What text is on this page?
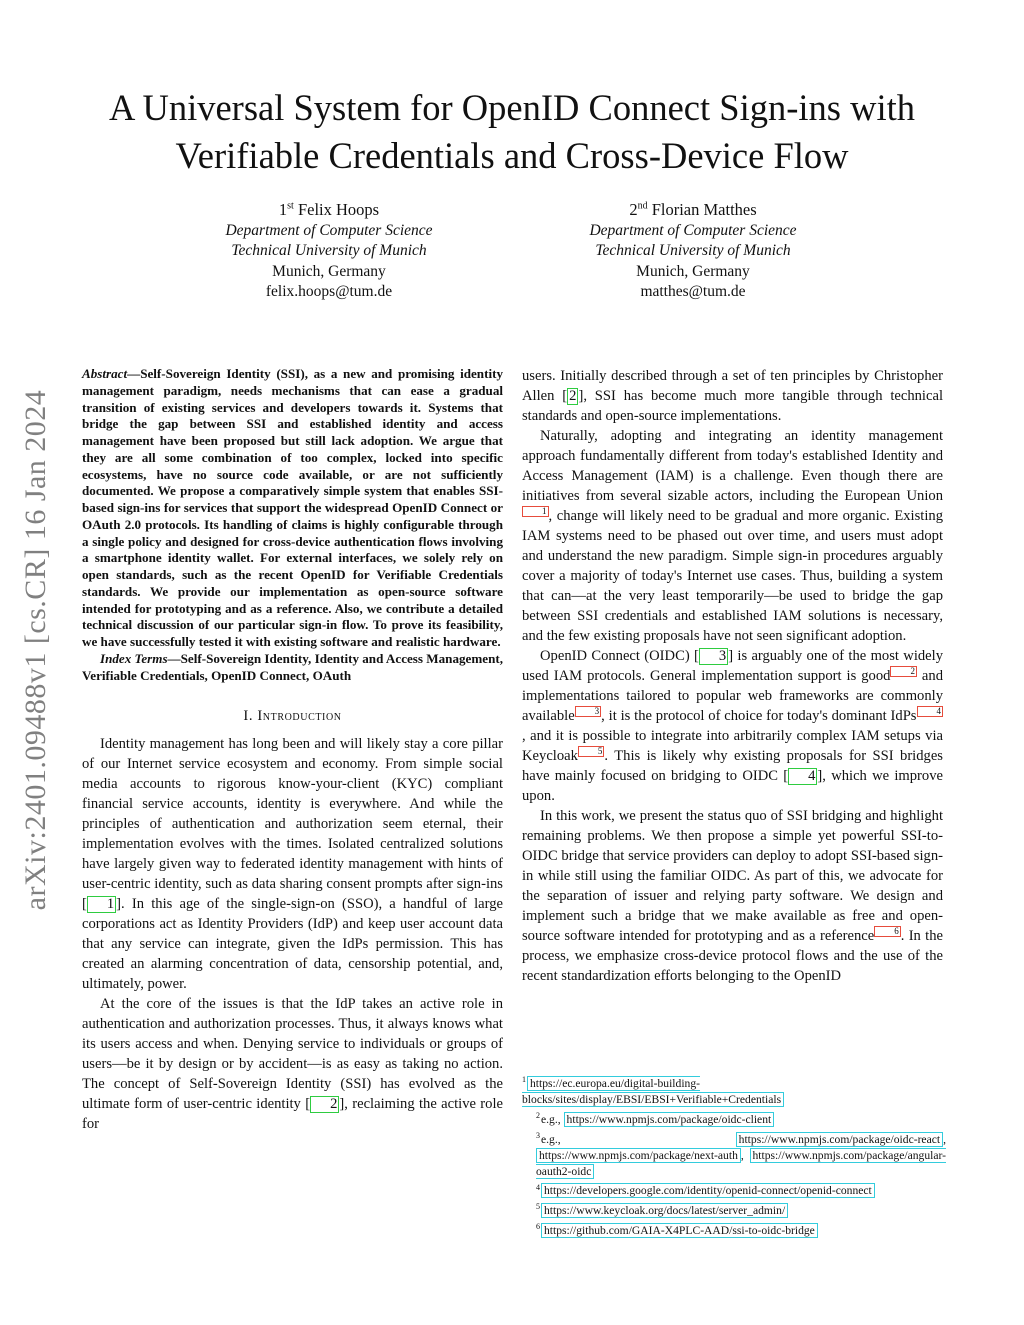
A Universal System for OpenID Connect Sign-ins with Verifiable Credentials and Cross-Device Flow
1st Felix Hoops
Department of Computer Science
Technical University of Munich
Munich, Germany
felix.hoops@tum.de
2nd Florian Matthes
Department of Computer Science
Technical University of Munich
Munich, Germany
matthes@tum.de
arXiv:2401.09488v1 [cs.CR] 16 Jan 2024

Abstract—Self-Sovereign Identity (SSI), as a new and promising identity management paradigm, needs mechanisms that can ease a gradual transition of existing services and developers towards it. Systems that bridge the gap between SSI and established identity and access management have been proposed but still lack adoption. We argue that they are all some combination of too complex, locked into specific ecosystems, have no source code available, or are not sufficiently documented. We propose a comparatively simple system that enables SSI-based sign-ins for services that support the widespread OpenID Connect or OAuth 2.0 protocols. Its handling of claims is highly configurable through a single policy and designed for cross-device authentication flows involving a smartphone identity wallet. For external interfaces, we solely rely on open standards, such as the recent OpenID for Verifiable Credentials standards. We provide our implementation as open-source software intended for prototyping and as a reference. Also, we contribute a detailed technical discussion of our particular sign-in flow. To prove its feasibility, we have successfully tested it with existing software and realistic hardware.

Index Terms—Self-Sovereign Identity, Identity and Access Management, Verifiable Credentials, OpenID Connect, OAuth

I. Introduction

Identity management has long been and will likely stay a core pillar of our Internet service ecosystem and economy. From simple social media accounts to rigorous know-your-client (KYC) compliant financial service accounts, identity is everywhere. And while the principles of authentication and authorization seem eternal, their implementation evolves with the times. Isolated centralized solutions have largely given way to federated identity management with hints of user-centric identity, such as data sharing consent prompts after sign-ins [ 1 ]. In this age of the single-sign-on (SSO), a handful of large corporations act as Identity Providers (IdP) and keep user account data that any service can integrate, given the IdPs permission. This has created an alarming concentration of data, censorship potential, and, ultimately, power.

At the core of the issues is that the IdP takes an active role in authentication and authorization processes. Thus, it always knows what its users access and when. Denying service to individuals or groups of users—be it by design or by accident—is as easy as taking no action. The concept of Self-Sovereign Identity (SSI) has evolved as the ultimate form of user-centric identity [ 2 ], reclaiming the active role for

users. Initially described through a set of ten principles by Christopher Allen [ 2 ], SSI has become much more tangible through technical standards and open-source implementations.

Naturally, adopting and integrating an identity management approach fundamentally different from today's established Identity and Access Management (IAM) is a challenge. Even though there are initiatives from several sizable actors, including the European Union 1 , change will likely need to be gradual and more organic. Existing IAM systems need to be phased out over time, and users must adopt and understand the new paradigm. Simple sign-in procedures arguably cover a majority of today's Internet use cases. Thus, building a system that can—at the very least temporarily—be used to bridge the gap between SSI credentials and established IAM solutions is necessary, and the few existing proposals have not seen significant adoption.

OpenID Connect (OIDC) [ 3 ] is arguably one of the most widely used IAM protocols. General implementation support is good 2 and implementations tailored to popular web frameworks are commonly available 3 , it is the protocol of choice for today's dominant IdPs 4, and it is possible to integrate into arbitrarily complex IAM setups via Keycloak 5 . This is likely why existing proposals for SSI bridges have mainly focused on bridging to OIDC [ 4 ], which we improve upon.

In this work, we present the status quo of SSI bridging and highlight remaining problems. We then propose a simple yet powerful SSI-to-OIDC bridge that service providers can deploy to adopt SSI-based sign-in while still using the familiar OIDC. As part of this, we advocate for the separation of issuer and relying party software. We design and implement such a bridge that we make available as free and open-source software intended for prototyping and as a reference 6 . In the process, we emphasize cross-device protocol flows and the use of the recent standardization efforts belonging to the OpenID

$^1$ https://ec.europa.eu/digital-building-blocks/sites/display/EBSI/EBSI+Verifiable+Credentials

$^2$e.g., https://www.npmjs.com/package/oidc-client

$^3$e.g., https://www.npmjs.com/package/oidc-react , https://www.npmjs.com/package/next-auth , https://www.npmjs.com/package/angular-oauth2-oidc

$^4$ https://developers.google.com/identity/openid-connect/openid-connect

$^5$ https://www.keycloak.org/docs/latest/server_admin/

$^6$ https://github.com/GAIA-X4PLC-AAD/ssi-to-oidc-bridge
